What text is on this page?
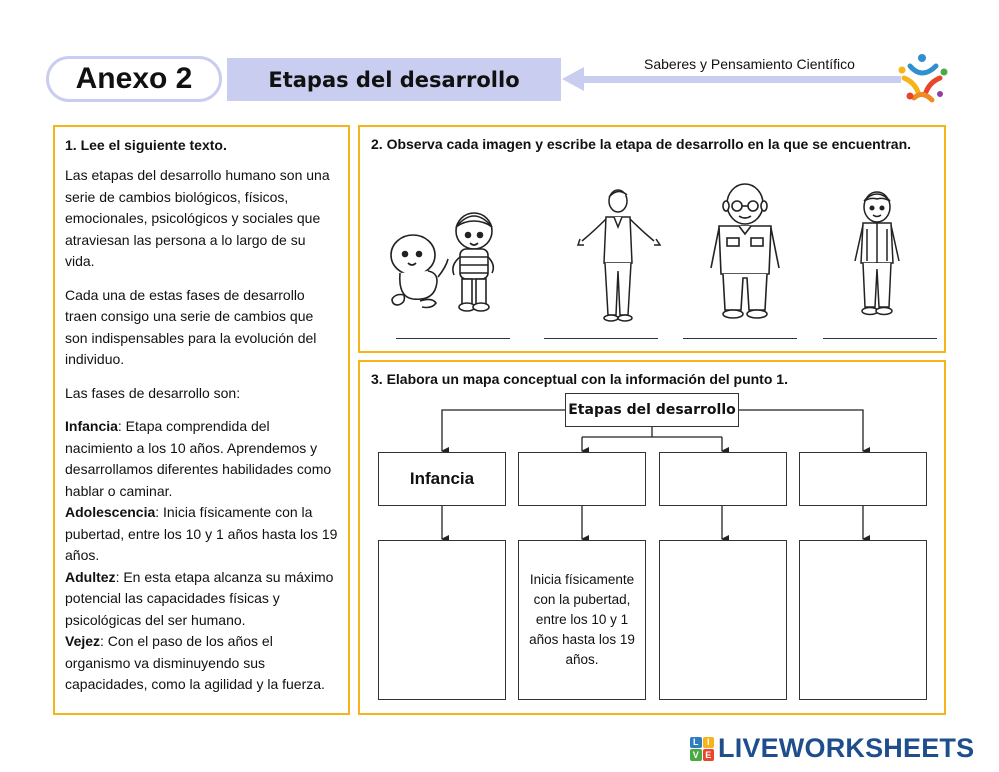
Anexo 2	Etapas del desarrollo
Saberes y Pensamiento Científico
1. Lee el siguiente texto.

Las etapas del desarrollo humano son una serie de cambios biológicos, físicos, emocionales, psicológicos y sociales que atraviesan las persona a lo largo de su vida.

Cada una de estas fases de desarrollo traen consigo una serie de cambios que son indispensables para la evolución del individuo.

Las fases de desarrollo son:

Infancia: Etapa comprendida del nacimiento a los 10 años. Aprendemos y desarrollamos diferentes habilidades como hablar o caminar.

Adolescencia: Inicia físicamente con la pubertad, entre los 10 y 1 años hasta los 19 años.

Adultez: En esta etapa alcanza su máximo potencial las capacidades físicas y psicológicas del ser humano.

Vejez: Con el paso de los años el organismo va disminuyendo sus capacidades, como la agilidad y la fuerza.

2. Observa cada imagen y escribe la etapa de desarrollo en la que se encuentran.
3. Elabora un mapa conceptual con la información del punto 1.
Etapas del desarrollo
Infancia
Inicia físicamente con la pubertad, entre los 10 y 1 años hasta los 19 años.
L I
V E LIVEWORKSHEETS
